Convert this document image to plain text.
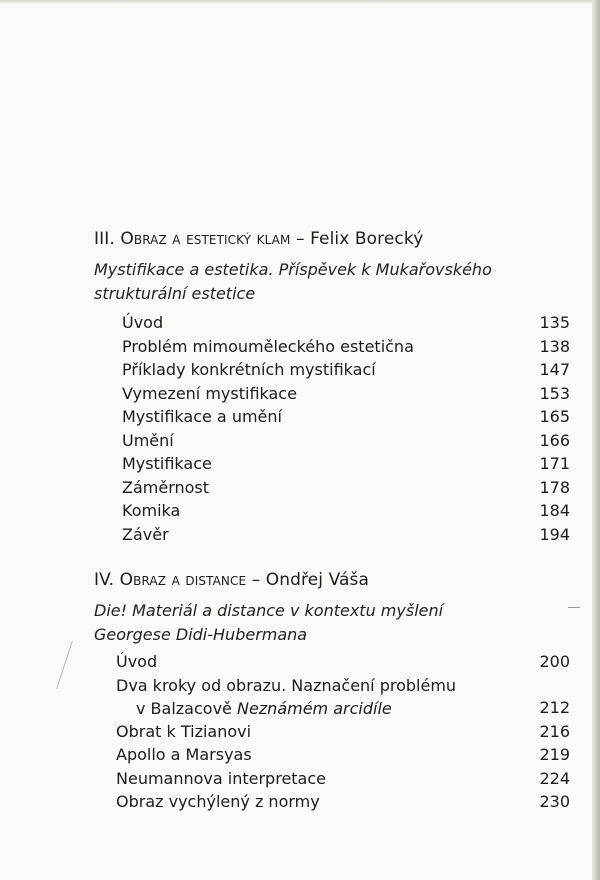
III. Obraz a estetický klam – Felix Borecký
Mystifikace a estetika. Příspěvek k Mukařovského
strukturální estetice
Úvod	135
Problém mimouměleckého estetična	138
Příklady konkrétních mystifikací	147
Vymezení mystifikace	153
Mystifikace a umění	165
Umění	166
Mystifikace	171
Záměrnost	178
Komika	184
Závěr	194
IV. Obraz a distance – Ondřej Váša
Die! Materiál a distance v kontextu myšlení
Georgese Didi-Hubermana
Úvod	200
Dva kroky od obrazu. Naznačení problému
v Balzacově Neznámém arcidíle	212
Obrat k Tizianovi	216
Apollo a Marsyas	219
Neumannova interpretace	224
Obraz vychýlený z normy	230
